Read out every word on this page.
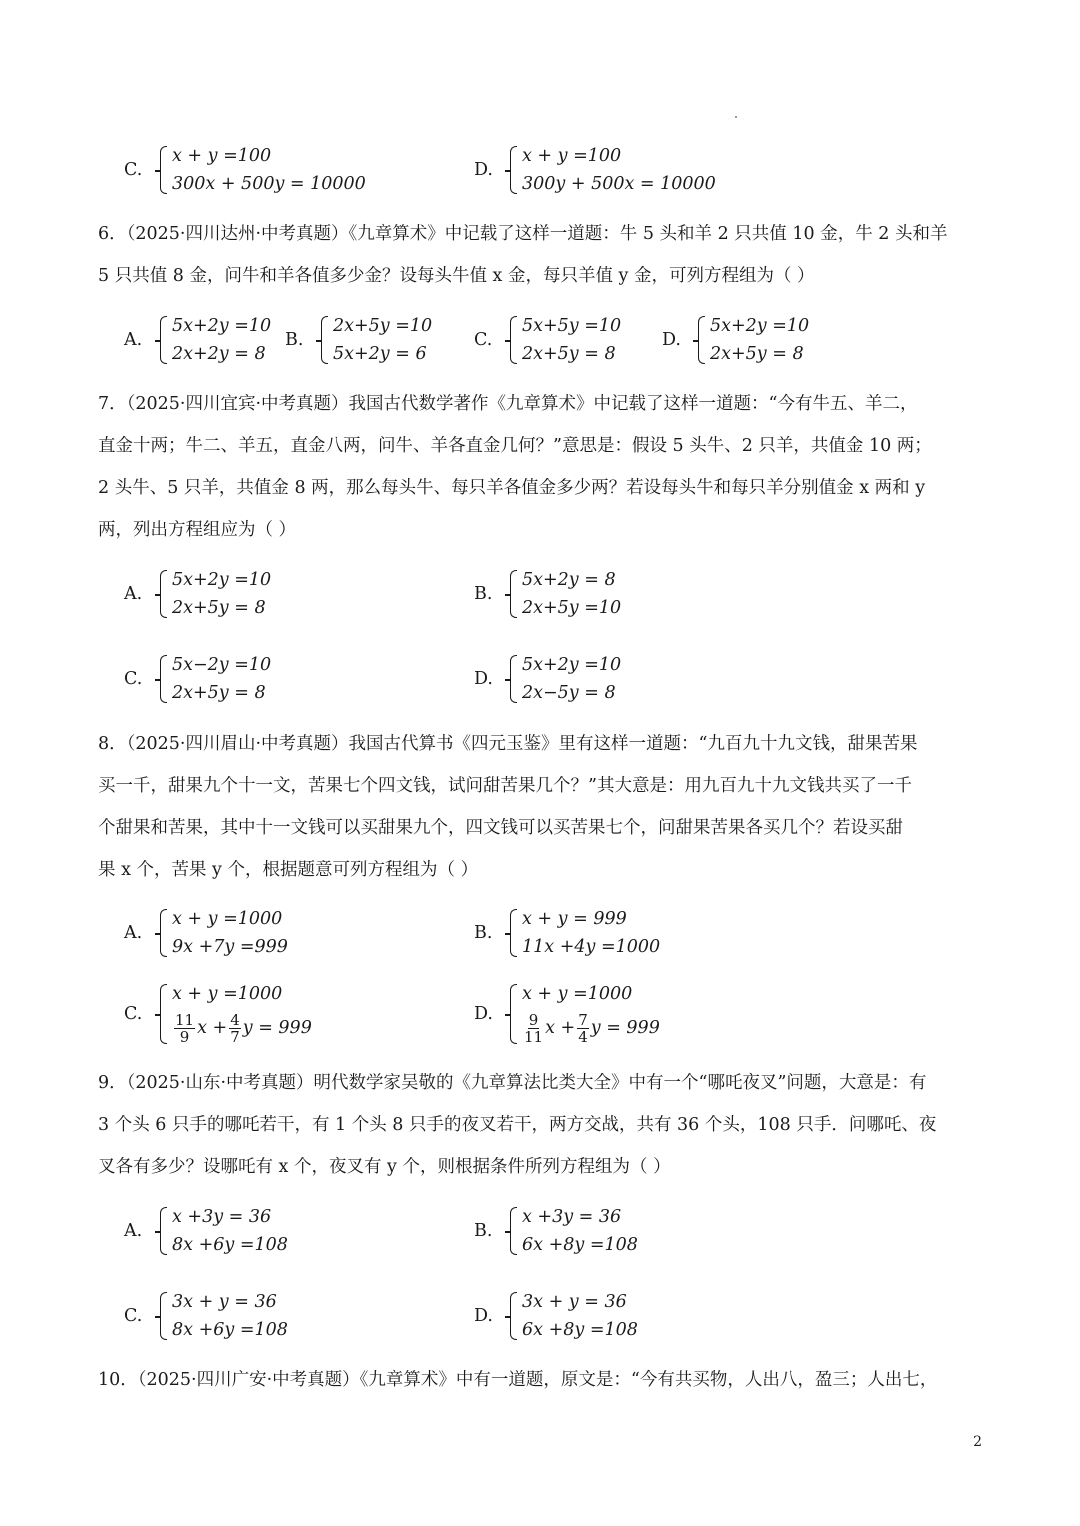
C.
x + y =100
300x + 500y = 10000
D.
x + y =100
300y + 500x = 10000
6．（2025·四川达州·中考真题）《九章算术》中记载了这样一道题：牛 5 头和羊 2 只共值 10 金，牛 2 头和羊
5 只共值 8 金，问牛和羊各值多少金？设每头牛值 x 金，每只羊值 y 金，可列方程组为（ ）
A.
5x+2y =10
2x+2y = 8
B.
2x+5y =10
5x+2y = 6
C.
5x+5y =10
2x+5y = 8
D.
5x+2y =10
2x+5y = 8
7．（2025·四川宜宾·中考真题）我国古代数学著作《九章算术》中记载了这样一道题：“今有牛五、羊二，
直金十两；牛二、羊五，直金八两，问牛、羊各直金几何？”意思是：假设 5 头牛、2 只羊，共值金 10 两；
2 头牛、5 只羊，共值金 8 两，那么每头牛、每只羊各值金多少两？若设每头牛和每只羊分别值金 x 两和 y
两，列出方程组应为（ ）
A.
5x+2y =10
2x+5y = 8
B.
5x+2y = 8
2x+5y =10
C.
5x−2y =10
2x+5y = 8
D.
5x+2y =10
2x−5y = 8
8．（2025·四川眉山·中考真题）我国古代算书《四元玉鉴》里有这样一道题：“九百九十九文钱，甜果苦果
买一千，甜果九个十一文，苦果七个四文钱，试问甜苦果几个？”其大意是：用九百九十九文钱共买了一千
个甜果和苦果，其中十一文钱可以买甜果九个，四文钱可以买苦果七个，问甜果苦果各买几个？若设买甜
果 x 个，苦果 y 个，根据题意可列方程组为（ ）
A.
x + y =1000
9x +7y =999
B.
x + y = 999
11x +4y =1000
C.
x + y =1000
$\frac{11}{9}$ $x + \frac{4}{7}$ y = 999
D.
x + y =1000
$\frac{9}{11}$ $x + \frac{7}{4}$ y = 999
9．（2025·山东·中考真题）明代数学家吴敬的《九章算法比类大全》中有一个“哪吒夜叉”问题，大意是：有
3 个头 6 只手的哪吒若干，有 1 个头 8 只手的夜叉若干，两方交战，共有 36 个头，108 只手．问哪吒、夜
叉各有多少？设哪吒有 x 个，夜叉有 y 个，则根据条件所列方程组为（ ）
A.
x +3y = 36
8x +6y =108
B.
x +3y = 36
6x +8y =108
C.
3x + y = 36
8x +6y =108
D.
3x + y = 36
6x +8y =108
10．（2025·四川广安·中考真题）《九章算术》中有一道题，原文是：“今有共买物，人出八，盈三；人出七，
2
